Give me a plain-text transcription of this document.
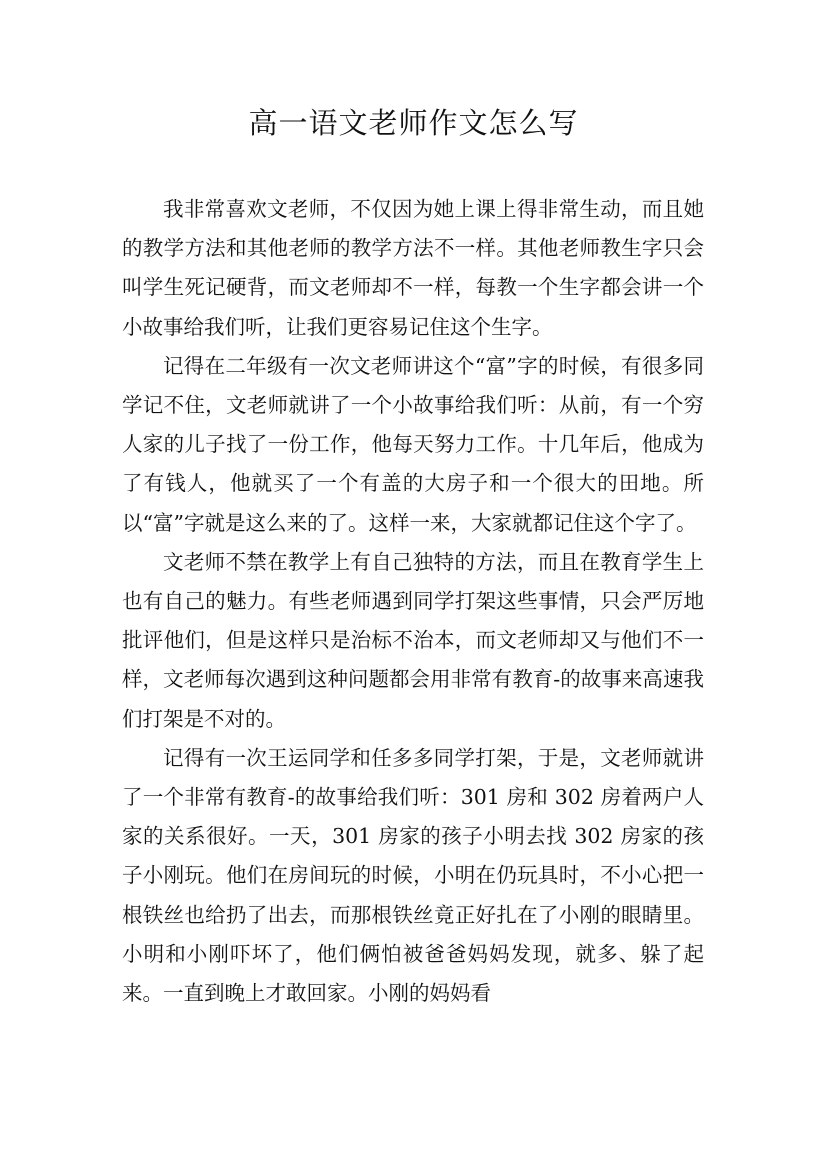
高一语文老师作文怎么写

我非常喜欢文老师，不仅因为她上课上得非常生动，而且她的教学方法和其他老师的教学方法不一样。其他老师教生字只会叫学生死记硬背，而文老师却不一样，每教一个生字都会讲一个小故事给我们听，让我们更容易记住这个生字。

记得在二年级有一次文老师讲这个“富”字的时候，有很多同学记不住，文老师就讲了一个小故事给我们听：从前，有一个穷人家的儿子找了一份工作，他每天努力工作。十几年后，他成为了有钱人，他就买了一个有盖的大房子和一个很大的田地。所以“富”字就是这么来的了。这样一来，大家就都记住这个字了。

文老师不禁在教学上有自己独特的方法，而且在教育学生上也有自己的魅力。有些老师遇到同学打架这些事情，只会严厉地批评他们，但是这样只是治标不治本，而文老师却又与他们不一样，文老师每次遇到这种问题都会用非常有教育-的故事来高速我们打架是不对的。

记得有一次王运同学和任多多同学打架，于是，文老师就讲了一个非常有教育-的故事给我们听：301 房和 302 房着两户人家的关系很好。一天，301 房家的孩子小明去找 302 房家的孩子小刚玩。他们在房间玩的时候，小明在仍玩具时，不小心把一根铁丝也给扔了出去，而那根铁丝竟正好扎在了小刚的眼睛里。小明和小刚吓坏了，他们俩怕被爸爸妈妈发现，就多、躲了起来。一直到晚上才敢回家。小刚的妈妈看
